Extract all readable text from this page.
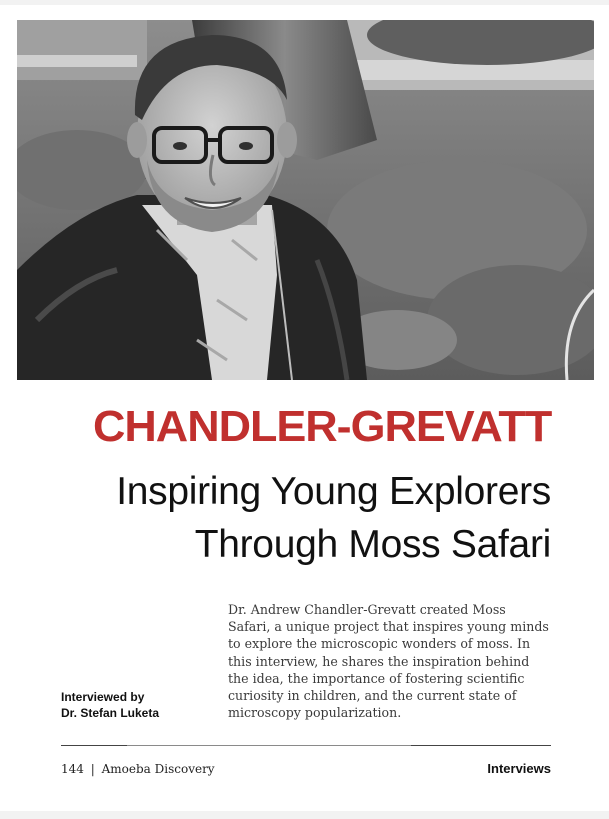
CHANDLER-GREVATT
Inspiring Young Explorers
Through Moss Safari

Dr. Andrew Chandler-Grevatt created Moss Safari, a unique project that inspires young minds to explore the microscopic wonders of moss. In this interview, he shares the inspiration behind the idea, the importance of fostering scientific curiosity in children, and the current state of microscopy popularization.

Interviewed by
Dr. Stefan Luketa

144 | Amoeba Discovery	Interviews
